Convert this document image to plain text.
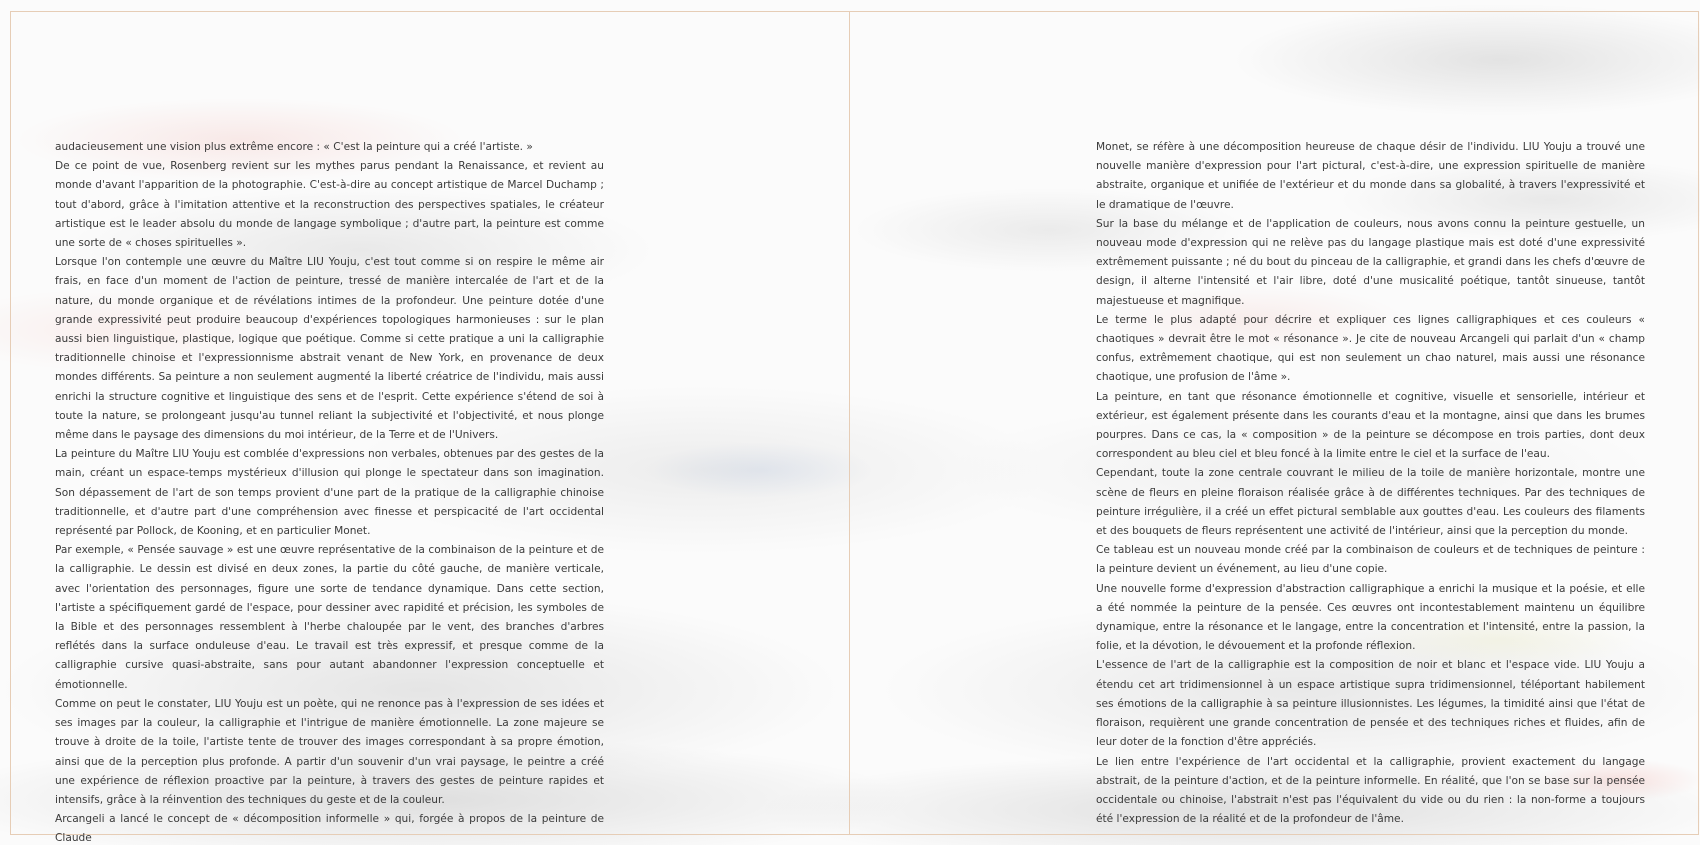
audacieusement une vision plus extrême encore : « C'est la peinture qui a créé l'artiste. »

De ce point de vue, Rosenberg revient sur les mythes parus pendant la Renaissance, et revient au monde d'avant l'apparition de la photographie. C'est-à-dire au concept artistique de Marcel Duchamp ; tout d'abord, grâce à l'imitation attentive et la reconstruction des perspectives spatiales, le créateur artistique est le leader absolu du monde de langage symbolique ; d'autre part, la peinture est comme une sorte de « choses spirituelles ».

Lorsque l'on contemple une œuvre du Maître LIU Youju, c'est tout comme si on respire le même air frais, en face d'un moment de l'action de peinture, tressé de manière intercalée de l'art et de la nature, du monde organique et de révélations intimes de la profondeur. Une peinture dotée d'une grande expressivité peut produire beaucoup d'expériences topologiques harmonieuses : sur le plan aussi bien linguistique, plastique, logique que poétique. Comme si cette pratique a uni la calligraphie traditionnelle chinoise et l'expressionnisme abstrait venant de New York, en provenance de deux mondes différents. Sa peinture a non seulement augmenté la liberté créatrice de l'individu, mais aussi enrichi la structure cognitive et linguistique des sens et de l'esprit. Cette expérience s'étend de soi à toute la nature, se prolongeant jusqu'au tunnel reliant la subjectivité et l'objectivité, et nous plonge même dans le paysage des dimensions du moi intérieur, de la Terre et de l'Univers.

La peinture du Maître LIU Youju est comblée d'expressions non verbales, obtenues par des gestes de la main, créant un espace-temps mystérieux d'illusion qui plonge le spectateur dans son imagination. Son dépassement de l'art de son temps provient d'une part de la pratique de la calligraphie chinoise traditionnelle, et d'autre part d'une compréhension avec finesse et perspicacité de l'art occidental représenté par Pollock, de Kooning, et en particulier Monet.

Par exemple, « Pensée sauvage » est une œuvre représentative de la combinaison de la peinture et de la calligraphie. Le dessin est divisé en deux zones, la partie du côté gauche, de manière verticale, avec l'orientation des personnages, figure une sorte de tendance dynamique. Dans cette section, l'artiste a spécifiquement gardé de l'espace, pour dessiner avec rapidité et précision, les symboles de la Bible et des personnages ressemblent à l'herbe chaloupée par le vent, des branches d'arbres reflétés dans la surface onduleuse d'eau. Le travail est très expressif, et presque comme de la calligraphie cursive quasi-abstraite, sans pour autant abandonner l'expression conceptuelle et émotionnelle.

Comme on peut le constater, LIU Youju est un poète, qui ne renonce pas à l'expression de ses idées et ses images par la couleur, la calligraphie et l'intrigue de manière émotionnelle. La zone majeure se trouve à droite de la toile, l'artiste tente de trouver des images correspondant à sa propre émotion, ainsi que de la perception plus profonde. A partir d'un souvenir d'un vrai paysage, le peintre a créé une expérience de réflexion proactive par la peinture, à travers des gestes de peinture rapides et intensifs, grâce à la réinvention des techniques du geste et de la couleur.

Arcangeli a lancé le concept de « décomposition informelle » qui, forgée à propos de la peinture de Claude

Monet, se réfère à une décomposition heureuse de chaque désir de l'individu. LIU Youju a trouvé une nouvelle manière d'expression pour l'art pictural, c'est-à-dire, une expression spirituelle de manière abstraite, organique et unifiée de l'extérieur et du monde dans sa globalité, à travers l'expressivité et le dramatique de l'œuvre.

Sur la base du mélange et de l'application de couleurs, nous avons connu la peinture gestuelle, un nouveau mode d'expression qui ne relève pas du langage plastique mais est doté d'une expressivité extrêmement puissante ; né du bout du pinceau de la calligraphie, et grandi dans les chefs d'œuvre de design, il alterne l'intensité et l'air libre, doté d'une musicalité poétique, tantôt sinueuse, tantôt majestueuse et magnifique.

Le terme le plus adapté pour décrire et expliquer ces lignes calligraphiques et ces couleurs « chaotiques » devrait être le mot « résonance ». Je cite de nouveau Arcangeli qui parlait d'un « champ confus, extrêmement chaotique, qui est non seulement un chao naturel, mais aussi une résonance chaotique, une profusion de l'âme ».

La peinture, en tant que résonance émotionnelle et cognitive, visuelle et sensorielle, intérieur et extérieur, est également présente dans les courants d'eau et la montagne, ainsi que dans les brumes pourpres. Dans ce cas, la « composition » de la peinture se décompose en trois parties, dont deux correspondent au bleu ciel et bleu foncé à la limite entre le ciel et la surface de l'eau.

Cependant, toute la zone centrale couvrant le milieu de la toile de manière horizontale, montre une scène de fleurs en pleine floraison réalisée grâce à de différentes techniques. Par des techniques de peinture irrégulière, il a créé un effet pictural semblable aux gouttes d'eau. Les couleurs des filaments et des bouquets de fleurs représentent une activité de l'intérieur, ainsi que la perception du monde.

Ce tableau est un nouveau monde créé par la combinaison de couleurs et de techniques de peinture : la peinture devient un événement, au lieu d'une copie.

Une nouvelle forme d'expression d'abstraction calligraphique a enrichi la musique et la poésie, et elle a été nommée la peinture de la pensée. Ces œuvres ont incontestablement maintenu un équilibre dynamique, entre la résonance et le langage, entre la concentration et l'intensité, entre la passion, la folie, et la dévotion, le dévouement et la profonde réflexion.

L'essence de l'art de la calligraphie est la composition de noir et blanc et l'espace vide. LIU Youju a étendu cet art tridimensionnel à un espace artistique supra tridimensionnel, téléportant habilement ses émotions de la calligraphie à sa peinture illusionnistes. Les légumes, la timidité ainsi que l'état de floraison, requièrent une grande concentration de pensée et des techniques riches et fluides, afin de leur doter de la fonction d'être appréciés.

Le lien entre l'expérience de l'art occidental et la calligraphie, provient exactement du langage abstrait, de la peinture d'action, et de la peinture informelle. En réalité, que l'on se base sur la pensée occidentale ou chinoise, l'abstrait n'est pas l'équivalent du vide ou du rien : la non-forme a toujours été l'expression de la réalité et de la profondeur de l'âme.
